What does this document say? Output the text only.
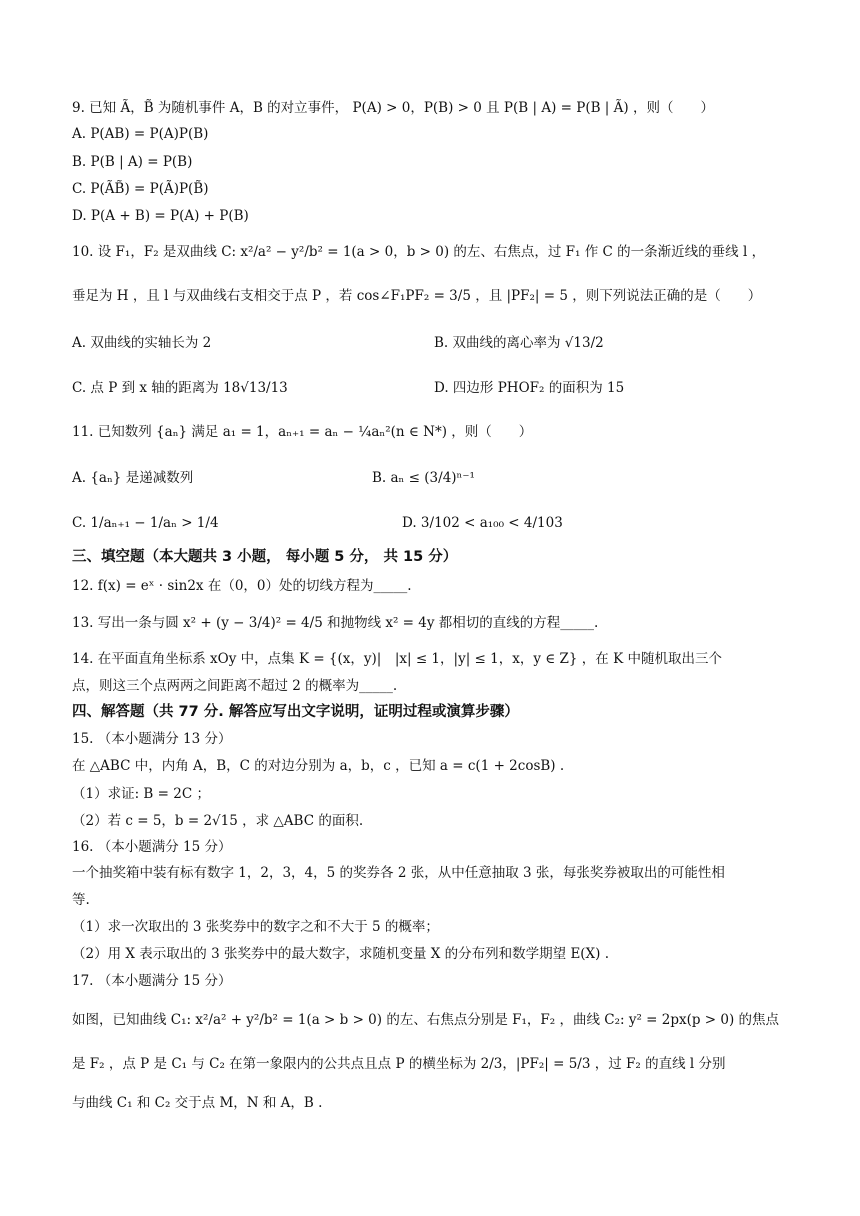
9. 已知 Ã，B̃ 为随机事件 A，B 的对立事件， P(A) > 0，P(B) > 0 且 P(B | A) = P(B | Ã) ，则（　　）
A. P(AB) = P(A)P(B)
B. P(B | A) = P(B)
C. P(ÃB̃) = P(Ã)P(B̃)
D. P(A + B) = P(A) + P(B)
10. 设 F₁，F₂ 是双曲线 C: x²/a² − y²/b² = 1(a > 0，b > 0) 的左、右焦点，过 F₁ 作 C 的一条渐近线的垂线 l ，
垂足为 H ，且 l 与双曲线右支相交于点 P ，若 cos∠F₁PF₂ = 3/5 ，且 |PF₂| = 5 ，则下列说法正确的是（　　）
A. 双曲线的实轴长为 2	B. 双曲线的离心率为 √13/2
C. 点 P 到 x 轴的距离为 18√13/13	D. 四边形 PHOF₂ 的面积为 15
11. 已知数列 {aₙ} 满足 a₁ = 1，aₙ₊₁ = aₙ − ¼aₙ²(n ∈ N*) ，则（　　）
A. {aₙ} 是递减数列	B. aₙ ≤ (3/4)ⁿ⁻¹
C. 1/aₙ₊₁ − 1/aₙ > 1/4	D. 3/102 < a₁₀₀ < 4/103
三、填空题（本大题共 3 小题， 每小题 5 分， 共 15 分）
12. f(x) = eˣ · sin2x 在（0，0）处的切线方程为_____.
13. 写出一条与圆 x² + (y − 3/4)² = 4/5 和抛物线 x² = 4y 都相切的直线的方程_____.
14. 在平面直角坐标系 xOy 中，点集 K = {(x，y)|　|x| ≤ 1，|y| ≤ 1，x，y ∈ Z} ，在 K 中随机取出三个
点，则这三个点两两之间距离不超过 2 的概率为_____.
四、解答题（共 77 分. 解答应写出文字说明，证明过程或演算步骤）
15. （本小题满分 13 分）
在 △ABC 中，内角 A，B，C 的对边分别为 a，b，c ，已知 a = c(1 + 2cosB) .
（1）求证: B = 2C ；
（2）若 c = 5，b = 2√15 ，求 △ABC 的面积.
16. （本小题满分 15 分）
一个抽奖箱中装有标有数字 1，2，3，4，5 的奖券各 2 张，从中任意抽取 3 张，每张奖券被取出的可能性相
等.
（1）求一次取出的 3 张奖券中的数字之和不大于 5 的概率；
（2）用 X 表示取出的 3 张奖券中的最大数字，求随机变量 X 的分布列和数学期望 E(X) .
17. （本小题满分 15 分）
如图，已知曲线 C₁: x²/a² + y²/b² = 1(a > b > 0) 的左、右焦点分别是 F₁，F₂ ，曲线 C₂: y² = 2px(p > 0) 的焦点
是 F₂ ，点 P 是 C₁ 与 C₂ 在第一象限内的公共点且点 P 的横坐标为 2/3，|PF₂| = 5/3 ，过 F₂ 的直线 l 分别
与曲线 C₁ 和 C₂ 交于点 M，N 和 A，B .
